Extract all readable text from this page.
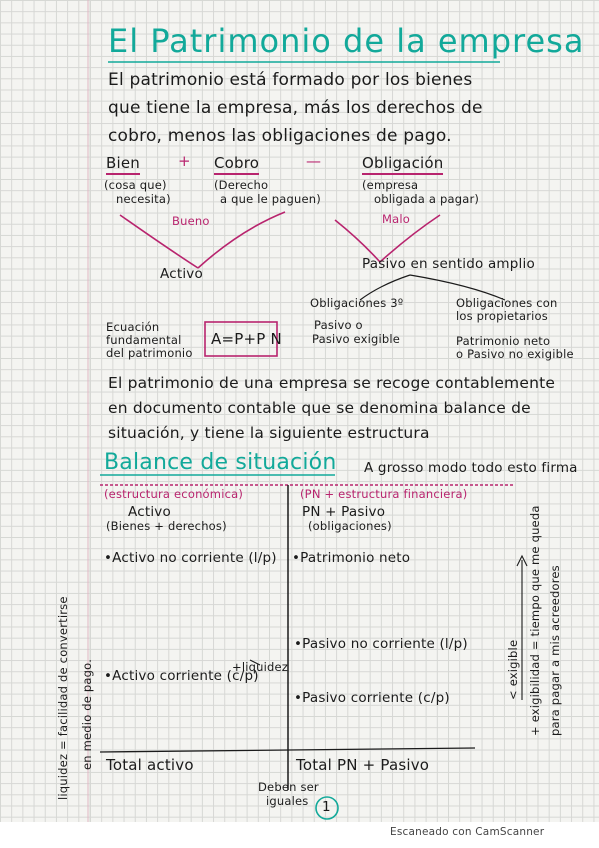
El Patrimonio de la empresa
El patrimonio está formado por los bienes
que tiene la empresa, más los derechos de
cobro, menos las obligaciones de pago.
Bien	+ Cobro	—	Obligación
(cosa que)
necesita)
(Derecho
a que le paguen)
(empresa
obligada a pagar)
Bueno	Malo
Activo
Pasivo en sentido amplio
Obligaciones 3º
Pasivo o
Pasivo exigible
Obligaciones con
los propietarios
Patrimonio neto
o Pasivo no exigible
Ecuación
fundamental
del patrimonio
A=P+P N
El patrimonio de una empresa se recoge contablemente
en documento contable que se denomina balance de
situación, y tiene la siguiente estructura
Balance de situación A grosso modo todo esto firma
(estructura económica)	(PN + estructura financiera)
Activo
(Bienes + derechos)
PN + Pasivo
(obligaciones)
•Activo no corriente (l/p) •Patrimonio neto
•Pasivo no corriente (l/p)
+liquidez
•Activo corriente (c/p)
•Pasivo corriente (c/p)
Total activo	Total PN + Pasivo
Deben ser
iguales 1
liquidez = facilidad de convertirse en medio de pago.	+ exigibilidad = tiempo que me queda para pagar a mis acreedores
< exigible
Escaneado con CamScanner
